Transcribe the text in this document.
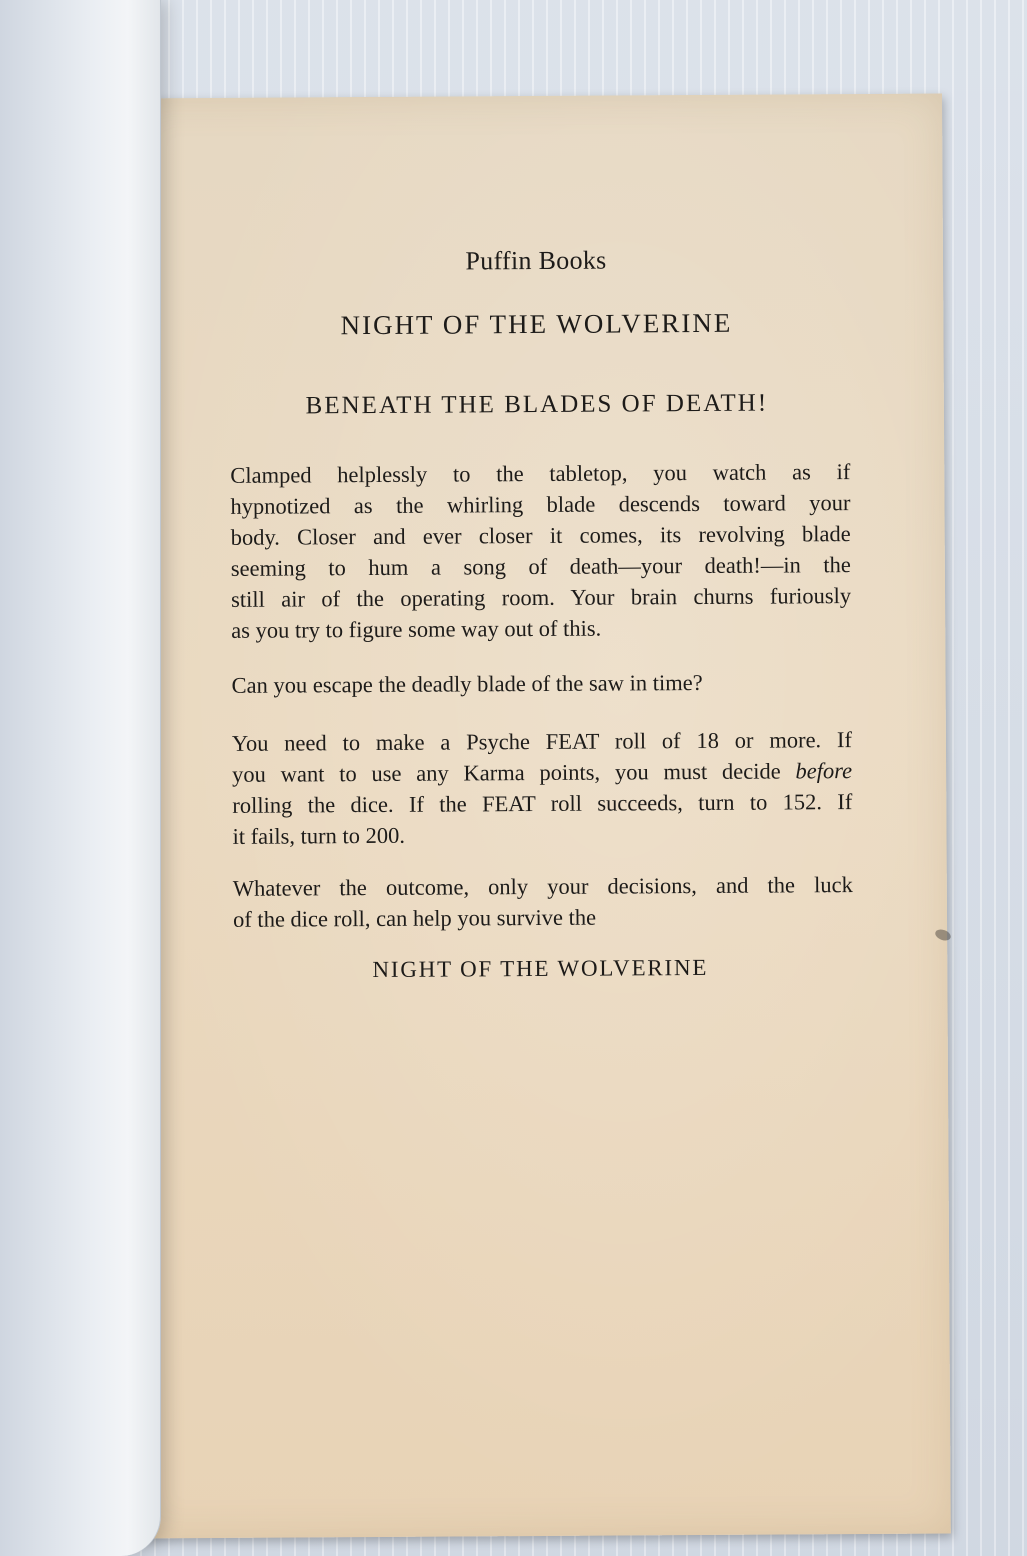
Puffin Books
NIGHT OF THE WOLVERINE
BENEATH THE BLADES OF DEATH!
Clamped helplessly to the tabletop, you watch as if
hypnotized as the whirling blade descends toward your
body. Closer and ever closer it comes, its revolving blade
seeming to hum a song of death—your death!—in the
still air of the operating room. Your brain churns furiously
as you try to figure some way out of this.
Can you escape the deadly blade of the saw in time?
You need to make a Psyche FEAT roll of 18 or more. If
you want to use any Karma points, you must decide before
rolling the dice. If the FEAT roll succeeds, turn to 152. If
it fails, turn to 200.
Whatever the outcome, only your decisions, and the luck
of the dice roll, can help you survive the
NIGHT OF THE WOLVERINE
